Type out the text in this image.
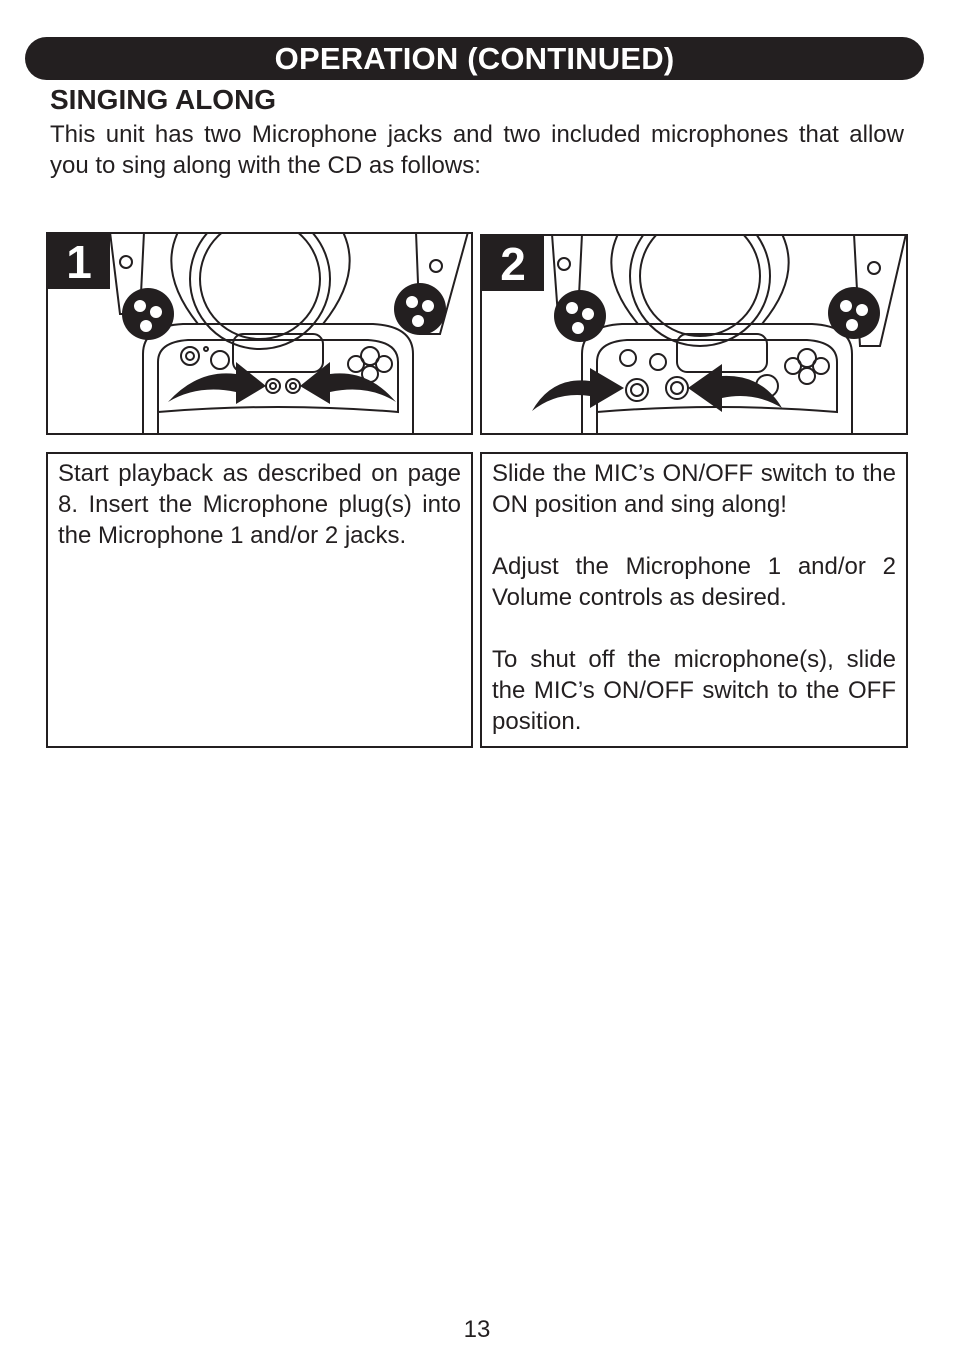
OPERATION (CONTINUED)
SINGING ALONG
This unit has two Microphone jacks and two included microphones that allow you to sing along with the CD as follows:
1	2

Start playback as described on page 8. Insert the Microphone plug(s) into the Microphone 1 and/or 2 jacks.

Slide the MIC’s ON/OFF switch to the ON position and sing along!

Adjust the Microphone 1 and/or 2 Volume controls as desired.

To shut off the microphone(s), slide the MIC’s ON/OFF switch to the OFF position.

13
